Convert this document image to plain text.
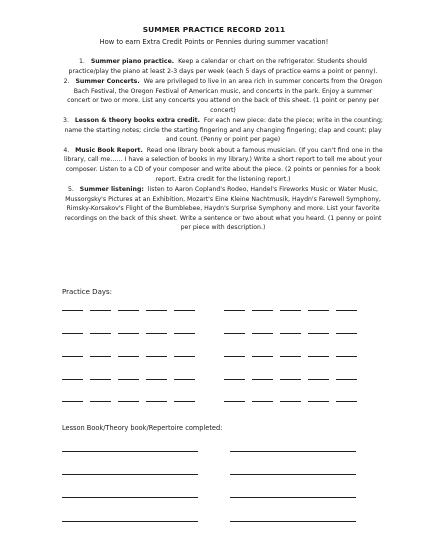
SUMMER PRACTICE RECORD 2011
How to earn Extra Credit Points or Pennies during summer vacation!
1. Summer piano practice. Keep a calendar or chart on the refrigerator. Students should practice/play the piano at least 2-3 days per week (each 5 days of practice earns a point or penny).
2. Summer Concerts. We are privileged to live in an area rich in summer concerts from the Oregon Bach Festival, the Oregon Festival of American music, and concerts in the park. Enjoy a summer concert or two or more. List any concerts you attend on the back of this sheet. (1 point or penny per concert)
3. Lesson & theory books extra credit. For each new piece: date the piece; write in the counting; name the starting notes; circle the starting fingering and any changing fingering; clap and count; play and count. (Penny or point per page)
4. Music Book Report. Read one library book about a famous musician. (If you can't find one in the library, call me…… I have a selection of books in my library.) Write a short report to tell me about your composer. Listen to a CD of your composer and write about the piece. (2 points or pennies for a book report. Extra credit for the listening report.)
5. Summer listening: listen to Aaron Copland's Rodeo, Handel's Fireworks Music or Water Music, Mussorgsky's Pictures at an Exhibition, Mozart's Eine Kleine Nachtmusik, Haydn's Farewell Symphony, Rimsky-Korsakov's Flight of the Bumblebee, Haydn's Surprise Symphony and more. List your favorite recordings on the back of this sheet. Write a sentence or two about what you heard. (1 penny or point per piece with description.)
Practice Days:
Lesson Book/Theory book/Repertoire completed:
